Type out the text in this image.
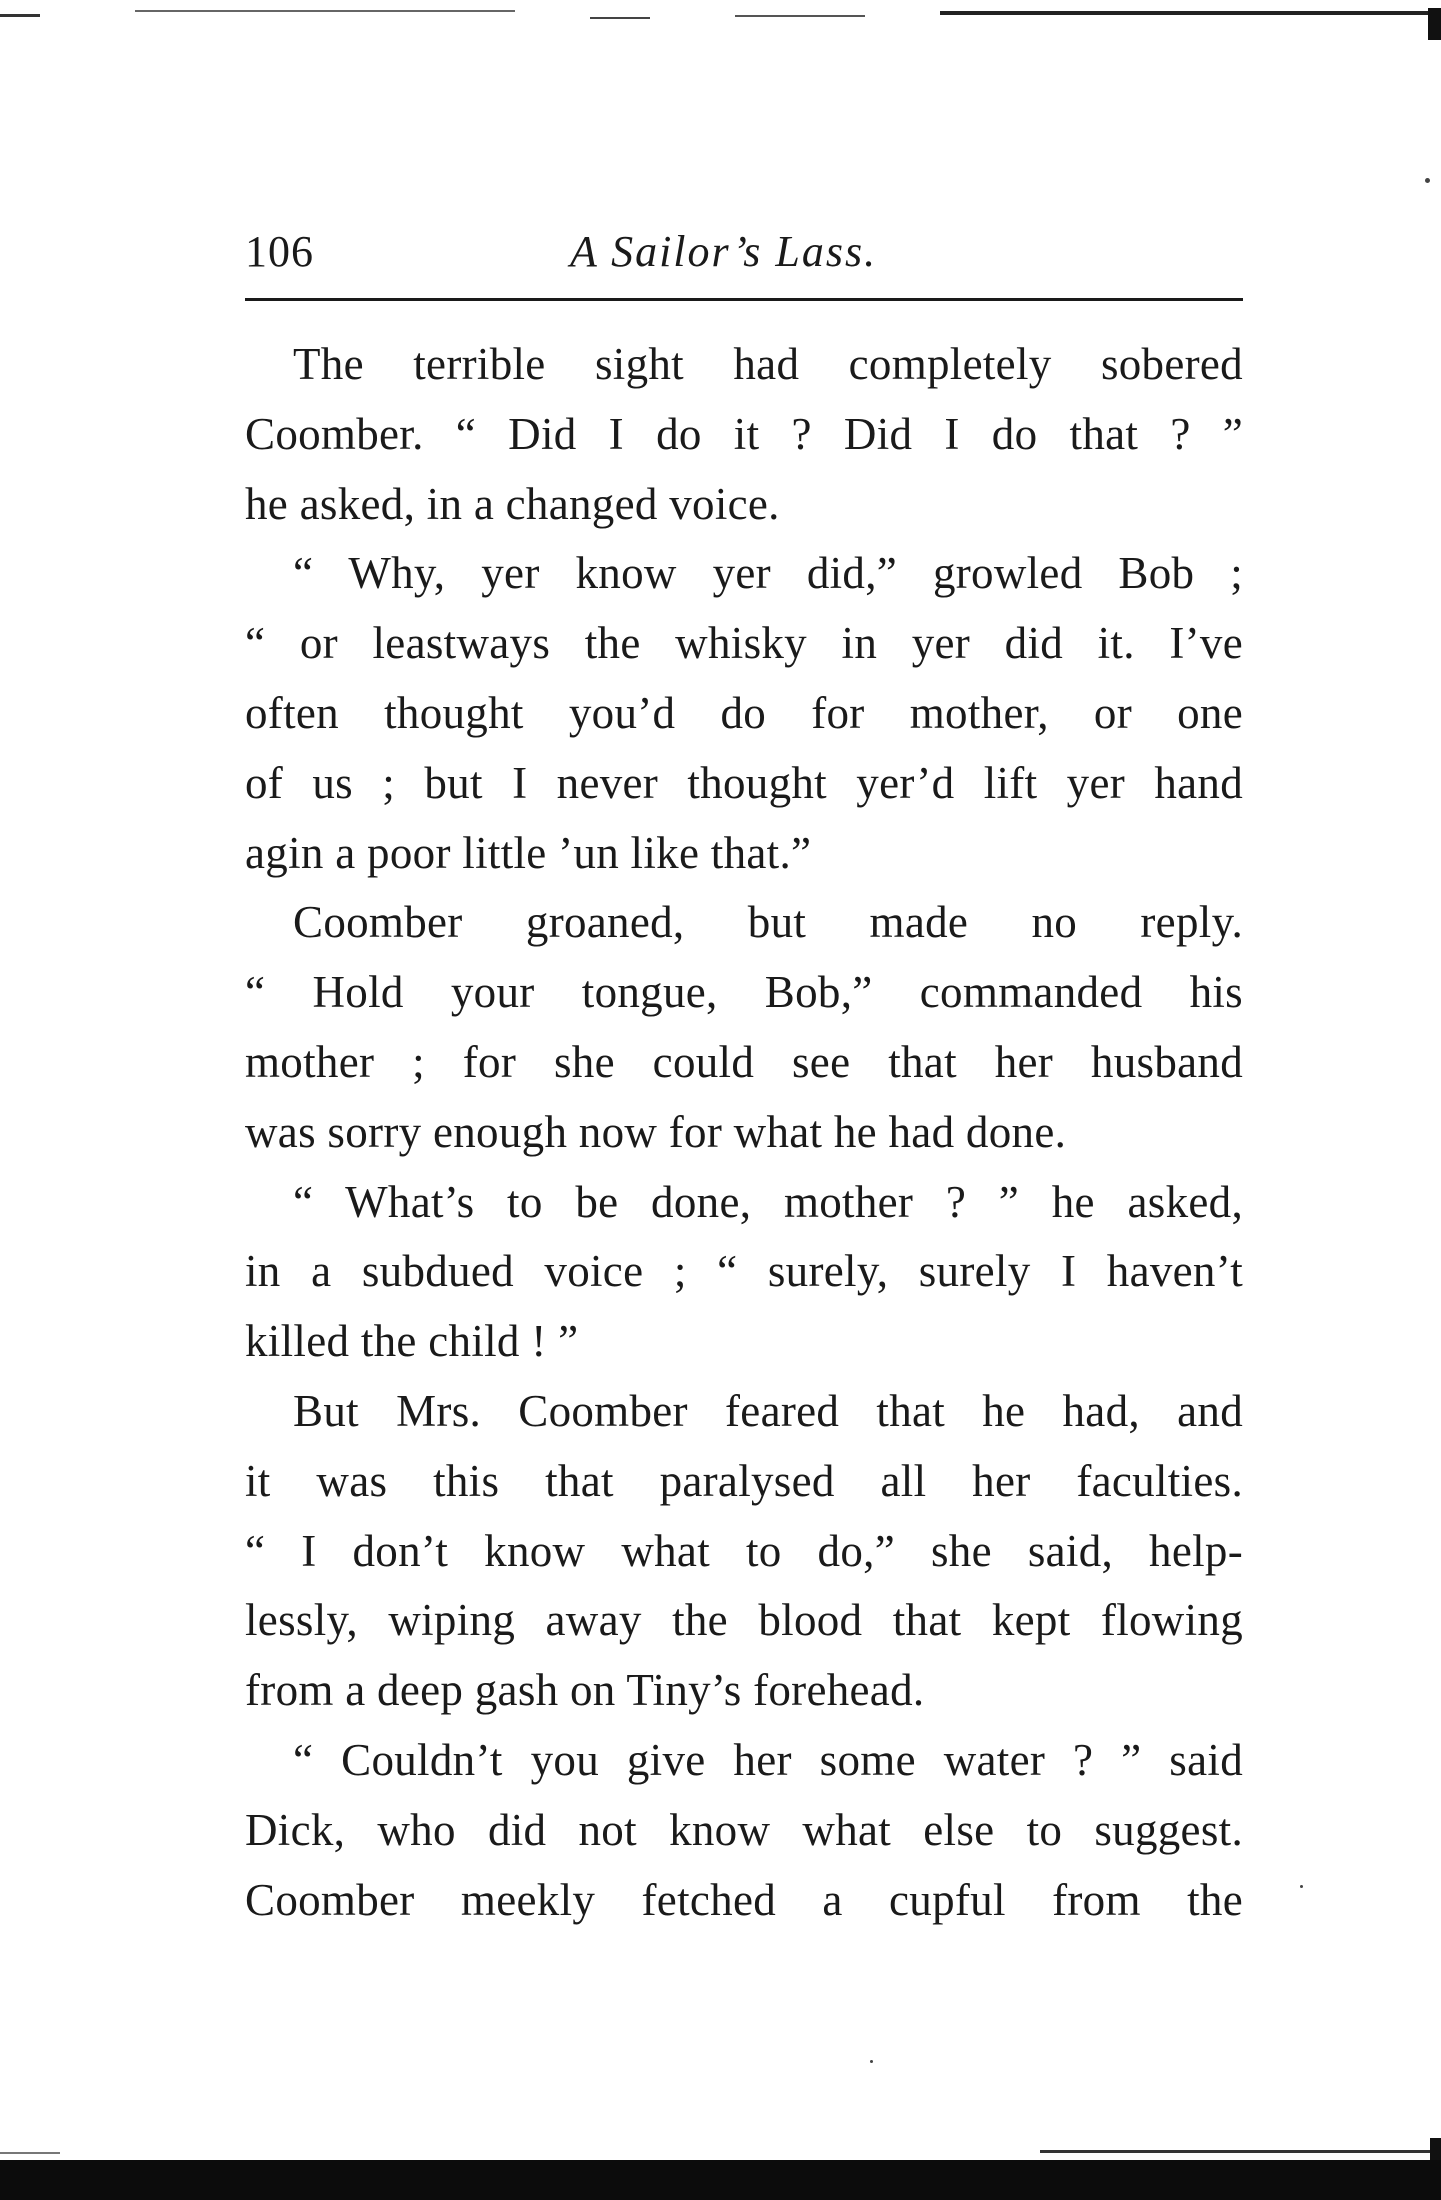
106	A Sailor’s Lass.
The terrible sight had completely sobered
Coomber. “ Did I do it ? Did I do that ? ”
he asked, in a changed voice.
“ Why, yer know yer did,” growled Bob ;
“ or leastways the whisky in yer did it. I’ve
often thought you’d do for mother, or one
of us ; but I never thought yer’d lift yer hand
agin a poor little ’un like that.”
Coomber groaned, but made no reply.
“ Hold your tongue, Bob,” commanded his
mother ; for she could see that her husband
was sorry enough now for what he had done.
“ What’s to be done, mother ? ” he asked,
in a subdued voice ; “ surely, surely I haven’t
killed the child ! ”
But Mrs. Coomber feared that he had, and
it was this that paralysed all her faculties.
“ I don’t know what to do,” she said, help-
lessly, wiping away the blood that kept flowing
from a deep gash on Tiny’s forehead.
“ Couldn’t you give her some water ? ” said
Dick, who did not know what else to suggest.
Coomber meekly fetched a cupful from the
